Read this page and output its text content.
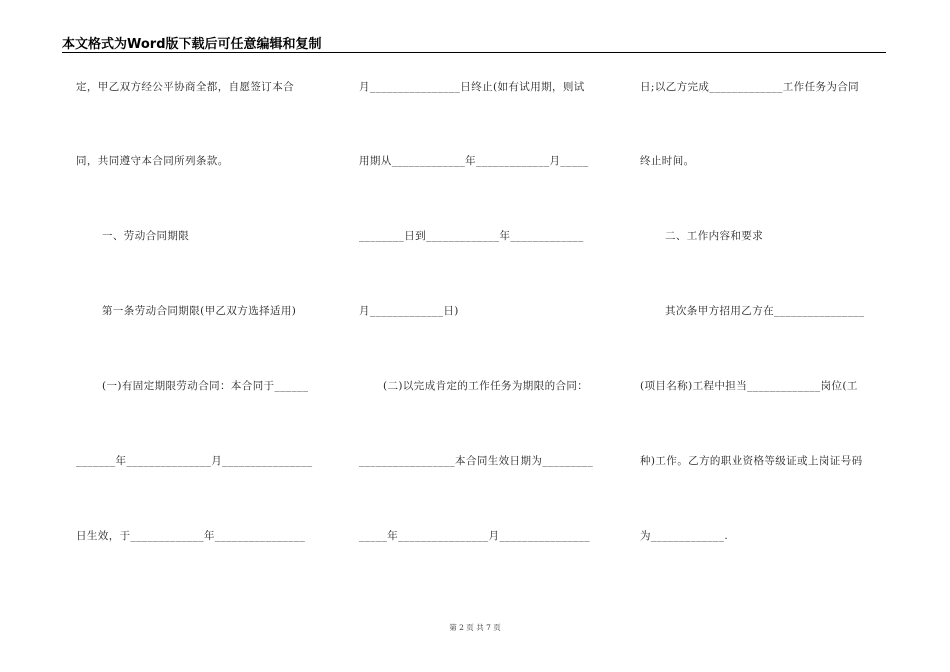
本文格式为Word版下载后可任意编辑和复制
定，甲乙双方经公平协商全都，自愿签订本合
同，共同遵守本合同所列条款。
一、劳动合同期限
第一条劳动合同期限(甲乙双方选择适用)
(一)有固定期限劳动合同：本合同于______
_______年_______________月________________
日生效，于_____________年________________
月________________日终止(如有试用期，则试
用期从_____________年_____________月_____
________日到_____________年_____________
月_____________日)
(二)以完成肯定的工作任务为期限的合同：
_________________本合同生效日期为_________
_____年________________月________________
日;以乙方完成_____________工作任务为合同
终止时间。
二、工作内容和要求
其次条甲方招用乙方在________________
(项目名称)工程中担当_____________岗位(工
种)工作。乙方的职业资格等级证或上岗证号码
为_____________.
第 2 页 共 7 页
